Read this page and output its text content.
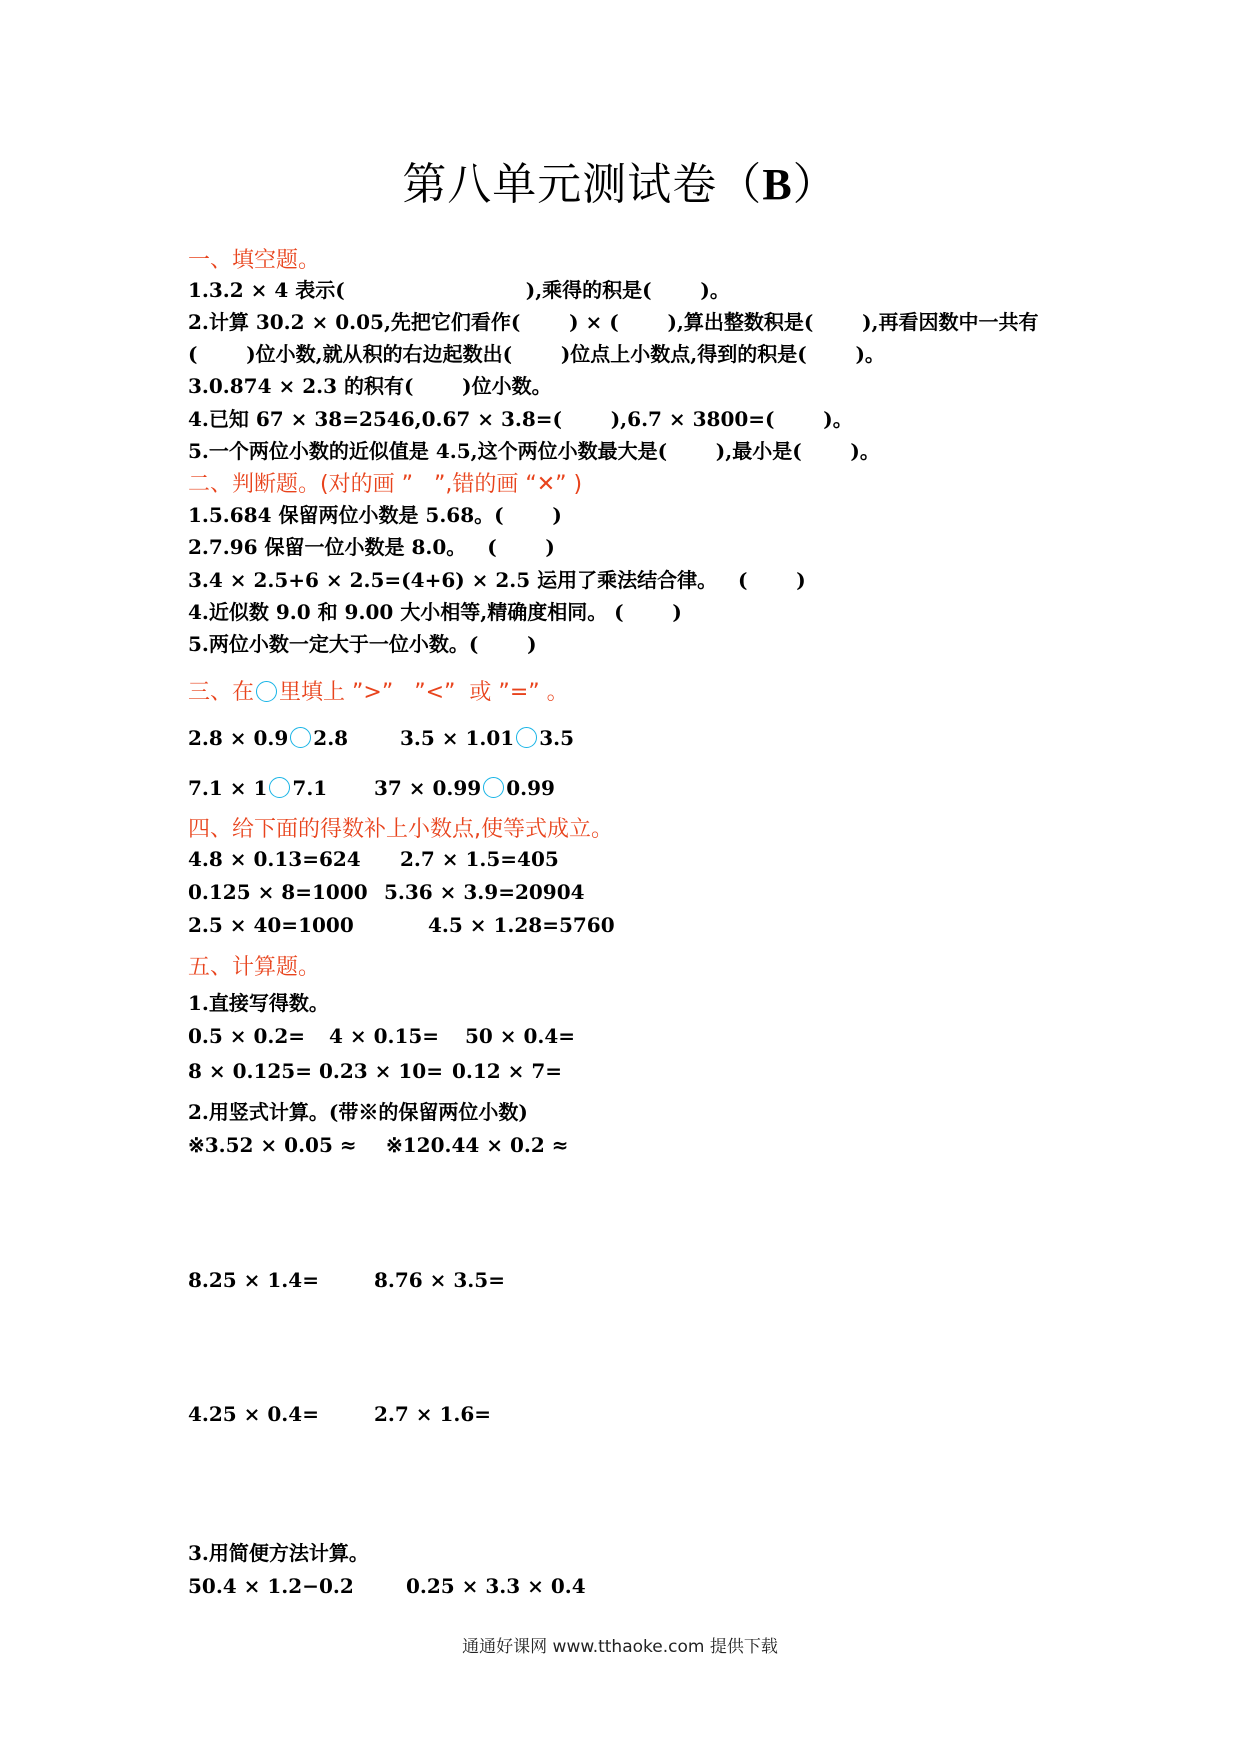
第八单元测试卷（B）
一、填空题。
1.3.2 × 4 表示(                          ),乘得的积是(       )。
2.计算 30.2 × 0.05,先把它们看作(       ) × (       ),算出整数积是(       ),再看因数中一共有
(       )位小数,就从积的右边起数出(       )位点上小数点,得到的积是(       )。
3.0.874 × 2.3 的积有(       )位小数。
4.已知 67 × 38=2546,0.67 × 3.8=(       ),6.7 × 3800=(       )。
5.一个两位小数的近似值是 4.5,这个两位小数最大是(       ),最小是(       )。
二、判断题。(对的画 ”   ”,错的画 “✕” )
1.5.684 保留两位小数是 5.68。(       )
2.7.96 保留一位小数是 8.0。   (       )
3.4 × 2.5+6 × 2.5=(4+6) × 2.5 运用了乘法结合律。   (       )
4.近似数 9.0 和 9.00 大小相等,精确度相同。 (       )
5.两位小数一定大于一位小数。(       )
三、在 里填上 ”>”   ”<”  或 ”=” 。

2.8 × 0.9 2.8

	3.5 × 1.01 3.5

7.1 × 1 7.1

37 × 0.99 0.99

四、给下面的得数补上小数点,使等式成立。

4.8 × 0.13=624

2.7 × 1.5=405

0.125 × 8=1000

5.36 × 3.9=20904

2.5 × 40=1000

	4.5 × 1.28=5760

五、计算题。
1.直接写得数。

0.5 × 0.2=

4 × 0.15=

50 × 0.4=

8 × 0.125=

0.23 × 10=

0.12 × 7=

2.用竖式计算。(带※的保留两位小数)

※3.52 × 0.05 ≈

※120.44 × 0.2 ≈

8.25 × 1.4=

	8.76 × 3.5=

4.25 × 0.4=

	2.7 × 1.6=

3.用简便方法计算。

50.4 × 1.2−0.2

	0.25 × 3.3 × 0.4

通通好课网 www.tthaoke.com 提供下载
